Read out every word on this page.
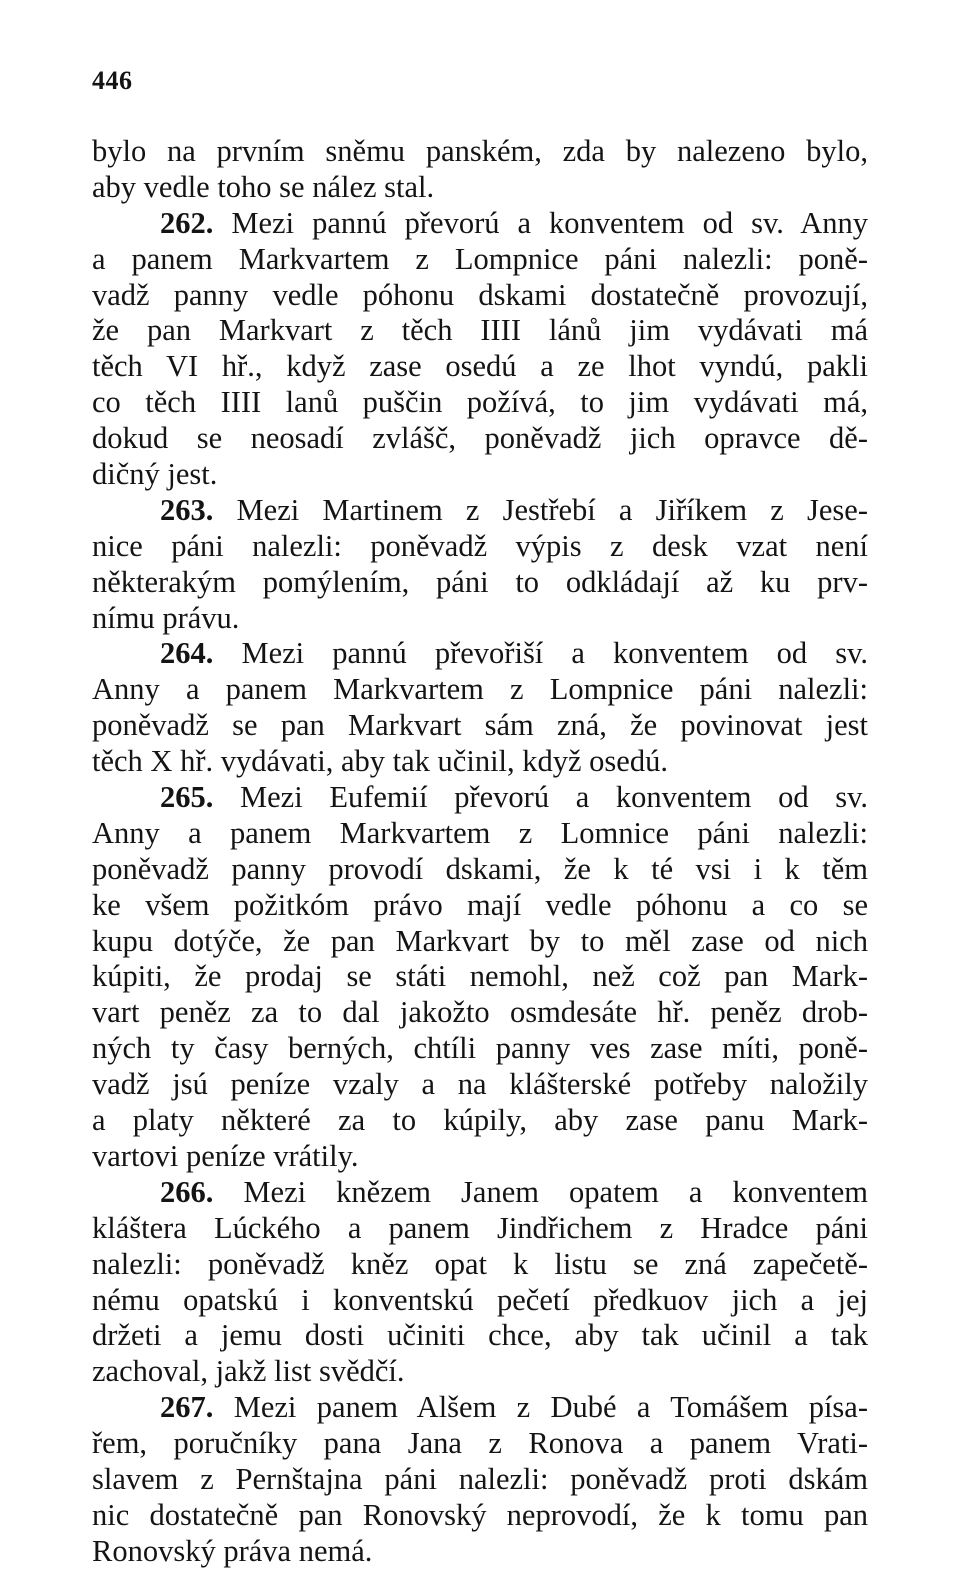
446
bylo na prvním sněmu panském, zda by nalezeno bylo,
aby vedle toho se nález stal.
262. Mezi pannú převorú a konventem od sv. Anny
a panem Markvartem z Lompnice páni nalezli: poně-
vadž panny vedle póhonu dskami dostatečně provozují,
že pan Markvart z těch IIII lánů jim vydávati má
těch VI hř., když zase osedú a ze lhot vyndú, pakli
co těch IIII lanů puščin požívá, to jim vydávati má,
dokud se neosadí zvlášč, poněvadž jich opravce dě-
dičný jest.
263. Mezi Martinem z Jestřebí a Jiříkem z Jese-
nice páni nalezli: poněvadž výpis z desk vzat není
některakým pomýlením, páni to odkládají až ku prv-
nímu právu.
264. Mezi pannú převořiší a konventem od sv.
Anny a panem Markvartem z Lompnice páni nalezli:
poněvadž se pan Markvart sám zná, že povinovat jest
těch X hř. vydávati, aby tak učinil, když osedú.
265. Mezi Eufemií převorú a konventem od sv.
Anny a panem Markvartem z Lomnice páni nalezli:
poněvadž panny provodí dskami, že k té vsi i k těm
ke všem požitkóm právo mají vedle póhonu a co se
kupu dotýče, že pan Markvart by to měl zase od nich
kúpiti, že prodaj se státi nemohl, než což pan Mark-
vart peněz za to dal jakožto osmdesáte hř. peněz drob-
ných ty časy berných, chtíli panny ves zase míti, poně-
vadž jsú peníze vzaly a na klášterské potřeby naložily
a platy některé za to kúpily, aby zase panu Mark-
vartovi peníze vrátily.
266. Mezi knězem Janem opatem a konventem
kláštera Lúckého a panem Jindřichem z Hradce páni
nalezli: poněvadž kněz opat k listu se zná zapečetě-
nému opatskú i konventskú pečetí předkuov jich a jej
držeti a jemu dosti učiniti chce, aby tak učinil a tak
zachoval, jakž list svědčí.
267. Mezi panem Alšem z Dubé a Tomášem písa-
řem, poručníky pana Jana z Ronova a panem Vrati-
slavem z Pernštajna páni nalezli: poněvadž proti dskám
nic dostatečně pan Ronovský neprovodí, že k tomu pan
Ronovský práva nemá.
